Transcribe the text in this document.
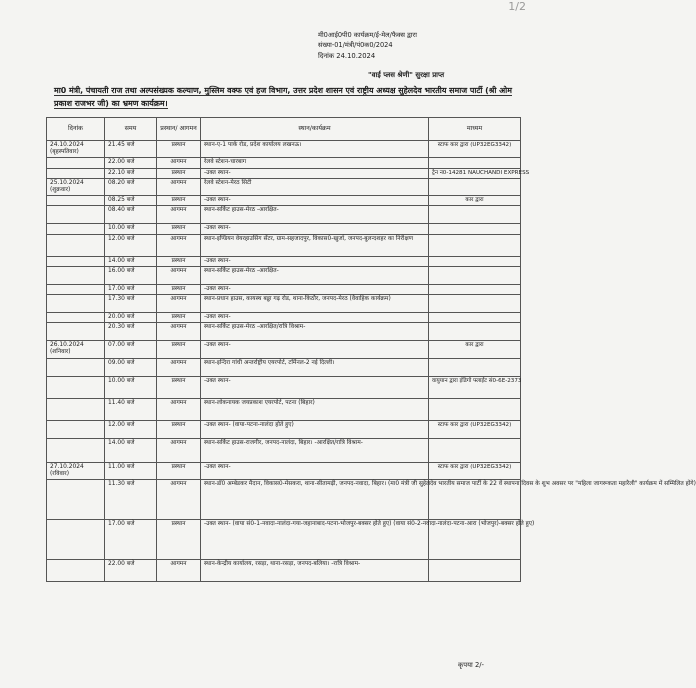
1/2
मी0आई0पी0 कार्यक्रम/ई-मेल/फैक्स द्वारा
संख्या-01/मंत्री/पं0क0/2024
दिनांक 24.10.2024
"वाई प्लस श्रेणी" सुरक्षा प्राप्त
मा0 मंत्री, पंचायती राज तथा अल्पसंख्यक कल्याण, मुस्लिम वक्फ एवं हज विभाग, उत्तर प्रदेश शासन एवं राष्ट्रीय अध्यक्ष सुहेलदेव भारतीय समाज पार्टी (श्री ओम प्रकाश राजभर जी) का भ्रमण कार्यक्रम।
दिनांक	समय	प्रस्थान/ आगमन	स्थान/कार्यक्रम	माध्यम

24.10.2024
(बृहस्पतिवार)	21.45 बजे	प्रस्थान	स्थान-ए-1 पार्क रोड, प्रदेश कार्यालय लखनऊ।	स्टाफ कार द्वारा (UP32EG3342)

	22.00 बजे	आगमन	रेलवे स्टेशन-चारबाग	

	22.10 बजे	प्रस्थान	-उक्त स्थान-	ट्रेन न0-14281 NAUCHANDI EXPRESS

25.10.2024
(शुक्रवार)	08.20 बजे	आगमन	रेलवे स्टेशन-मेरठ सिटी	

	08.25 बजे	प्रस्थान	-उक्त स्थान-	कार द्वारा

	08.40 बजे	आगमन	स्थान-सर्किट हाउस-मेरठ -आरक्षित-	

	10.00 बजे	प्रस्थान	-उक्त स्थान-	

	12.00 बजे	आगमन	स्थान-इण्डियन वेयरहाउसिंग सेंटर, ग्राम-सहजादपुर, विकास0-खुर्जा, जनपद-बुलन्दशहर का निरीक्षण	

	14.00 बजे	प्रस्थान	-उक्त स्थान-	

	16.00 बजे	आगमन	स्थान-सर्किट हाउस-मेरठ -आरक्षित-	

	17.00 बजे	प्रस्थान	-उक्त स्थान-	

	17.30 बजे	आगमन	स्थान-प्रधान हाउस, कायस्थ बड्डा गढ़ रोड, थाना-किठौर, जनपद-मेरठ (वैवाहिक कार्यक्रम)	

	20.00 बजे	प्रस्थान	-उक्त स्थान-	

	20.30 बजे	आगमन	स्थान-सर्किट हाउस-मेरठ -आरक्षित/रात्रि विश्राम-	

26.10.2024
(शनिवार)	07.00 बजे	प्रस्थान	-उक्त स्थान-	कार द्वारा

	09.00 बजे	आगमन	स्थान-इन्दिरा गांधी अन्तर्राष्ट्रीय एयरपोर्ट, टर्मिनल-2 नई दिल्ली।	

	10.00 बजे	प्रस्थान	-उक्त स्थान-	वायुयान द्वारा इंडिगो फ्लाईट सं0-6E-2373

	11.40 बजे	आगमन	स्थान-लोकनायक जयप्रकाश एयरपोर्ट, पटना (बिहार)	

	12.00 बजे	प्रस्थान	-उक्त स्थान- (वाया-पटना-नालंदा होते हुए)	स्टाफ कार द्वारा (UP32EG3342)

	14.00 बजे	आगमन	स्थान-सर्किट हाउस-राजगीर, जनपद-नालंदा, बिहार। -आरक्षित/रात्रि विश्राम-	

27.10.2024
(रविवार)	11.00 बजे	प्रस्थान	-उक्त स्थान-	स्टाफ कार द्वारा (UP32EG3342)

	11.30 बजे	आगमन	स्थान-डॉ0 अम्बेडकर मैदान, विकास0-मेसकरा, थाना-सीतामढ़ी, जनपद-नवादा, बिहार। (मा0 मंत्री जी सुहेलदेव भारतीय समाज पार्टी के 22 वें स्थापना दिवस के शुभ अवसर पर "महिला जागरूकता महारैली" कार्यक्रम में सम्मिलित होंगे)	

	17.00 बजे	प्रस्थान	-उक्त स्थान- (वाया सं0-1-नवादा-नालंदा-गया-जहानाबाद-पटना-भोजपुर-बक्सर होते हुए) (वाया सं0-2-नवादा-नालंदा-पटना-आरा (भोजपुर)-बक्सर होते हुए)	

	22.00 बजे	आगमन	स्थान-केन्द्रीय कार्यालय, रसड़ा, थाना-रसड़ा, जनपद-बलिया। -रात्रि विश्राम-	
कृपया 2/-
